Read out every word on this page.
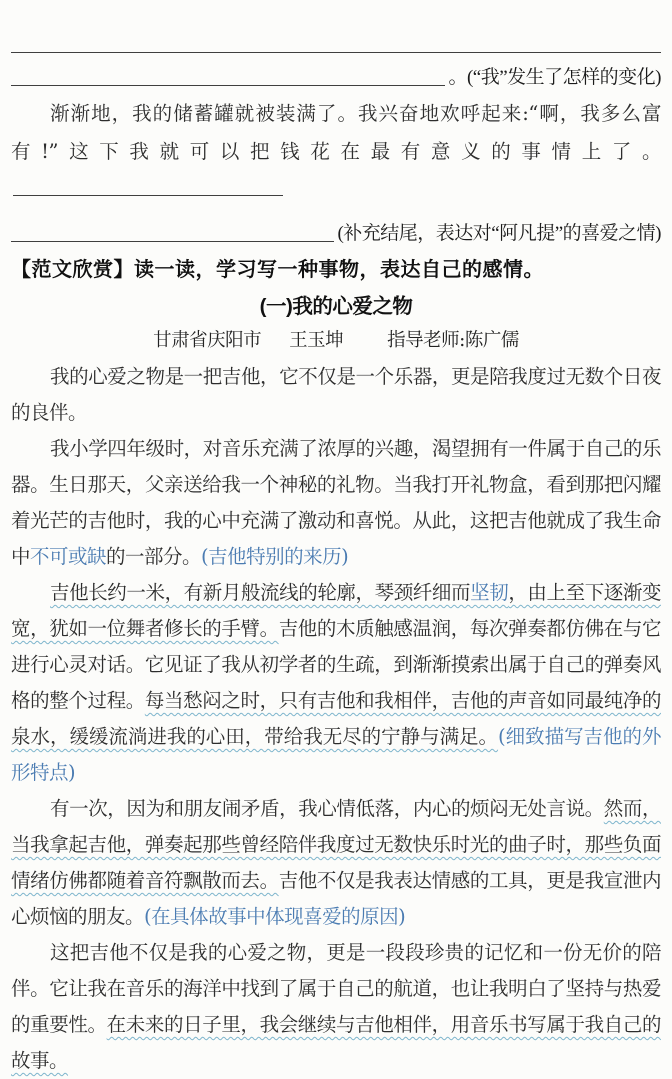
。(“我”发生了怎样的变化)

渐渐地，我的储蓄罐就被装满了。我兴奋地欢呼起来:“啊，我多么富有!”这下我就可以把钱花在最有意义的事情上了。

(补充结尾，表达对“阿凡提”的喜爱之情)
【范文欣赏】读一读，学习写一种事物，表达自己的感情。
(一)我的心爱之物
甘肃省庆阳市 王玉坤 指导老师:陈广儒

我的心爱之物是一把吉他，它不仅是一个乐器，更是陪我度过无数个日夜的良伴。

我小学四年级时，对音乐充满了浓厚的兴趣，渴望拥有一件属于自己的乐器。生日那天，父亲送给我一个神秘的礼物。当我打开礼物盒，看到那把闪耀着光芒的吉他时，我的心中充满了激动和喜悦。从此，这把吉他就成了我生命中不可或缺的一部分。(吉他特别的来历)

吉他长约一米，有新月般流线的轮廓，琴颈纤细而坚韧，由上至下逐渐变宽，犹如一位舞者修长的手臂。吉他的木质触感温润，每次弹奏都仿佛在与它进行心灵对话。它见证了我从初学者的生疏，到渐渐摸索出属于自己的弹奏风格的整个过程。每当愁闷之时，只有吉他和我相伴，吉他的声音如同最纯净的泉水，缓缓流淌进我的心田，带给我无尽的宁静与满足。(细致描写吉他的外形特点)

有一次，因为和朋友闹矛盾，我心情低落，内心的烦闷无处言说。然而，当我拿起吉他，弹奏起那些曾经陪伴我度过无数快乐时光的曲子时，那些负面情绪仿佛都随着音符飘散而去。吉他不仅是我表达情感的工具，更是我宣泄内心烦恼的朋友。(在具体故事中体现喜爱的原因)

这把吉他不仅是我的心爱之物，更是一段段珍贵的记忆和一份无价的陪伴。它让我在音乐的海洋中找到了属于自己的航道，也让我明白了坚持与热爱的重要性。在未来的日子里，我会继续与吉他相伴，用音乐书写属于我自己的故事。
